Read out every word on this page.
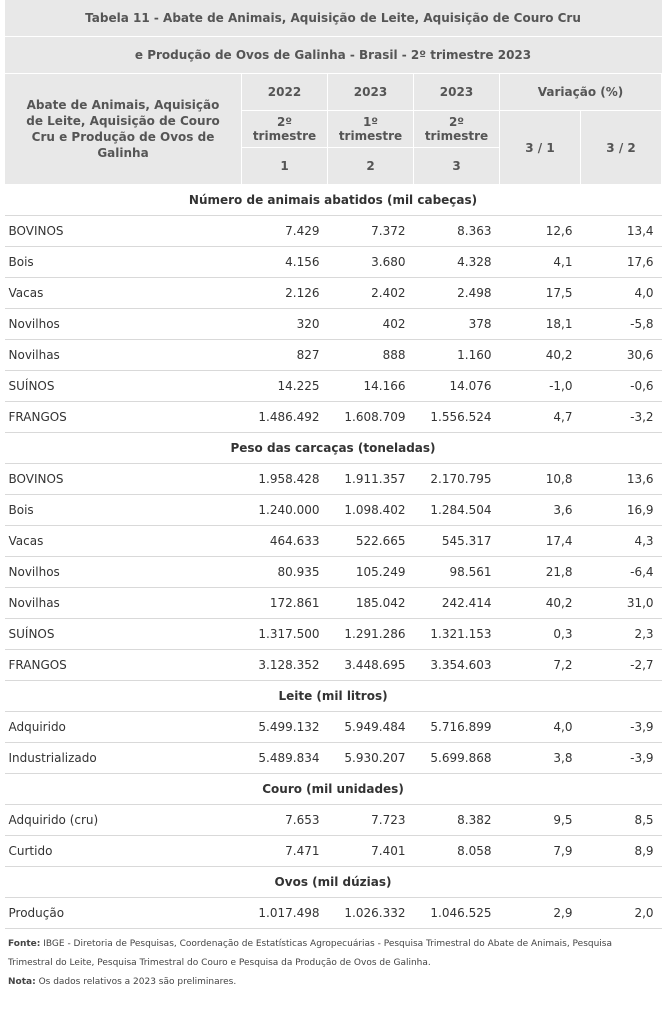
Tabela 11 - Abate de Animais, Aquisição de Leite, Aquisição de Couro Cru					
e Produção de Ovos de Galinha - Brasil - 2º trimestre 2023					
Abate de Animais, Aquisição de Leite, Aquisição de Couro Cru e Produção de Ovos de Galinha	2022	2023	2023	Variação (%)	
	2º trimestre	1º trimestre	2º trimestre	3 / 1	3 / 2
	1	2	3		
Número de animais abatidos (mil cabeças)					
BOVINOS	7.429	7.372	8.363	12,6	13,4
Bois	4.156	3.680	4.328	4,1	17,6
Vacas	2.126	2.402	2.498	17,5	4,0
Novilhos	320	402	378	18,1	-5,8
Novilhas	827	888	1.160	40,2	30,6
SUÍNOS	14.225	14.166	14.076	-1,0	-0,6
FRANGOS	1.486.492	1.608.709	1.556.524	4,7	-3,2
Peso das carcaças (toneladas)					
BOVINOS	1.958.428	1.911.357	2.170.795	10,8	13,6
Bois	1.240.000	1.098.402	1.284.504	3,6	16,9
Vacas	464.633	522.665	545.317	17,4	4,3
Novilhos	80.935	105.249	98.561	21,8	-6,4
Novilhas	172.861	185.042	242.414	40,2	31,0
SUÍNOS	1.317.500	1.291.286	1.321.153	0,3	2,3
FRANGOS	3.128.352	3.448.695	3.354.603	7,2	-2,7
Leite (mil litros)					
Adquirido	5.499.132	5.949.484	5.716.899	4,0	-3,9
Industrializado	5.489.834	5.930.207	5.699.868	3,8	-3,9
Couro (mil unidades)					
Adquirido (cru)	7.653	7.723	8.382	9,5	8,5
Curtido	7.471	7.401	8.058	7,9	8,9
Ovos (mil dúzias)					
Produção	1.017.498	1.026.332	1.046.525	2,9	2,0
Fonte: IBGE - Diretoria de Pesquisas, Coordenação de Estatísticas Agropecuárias - Pesquisa Trimestral do Abate de Animais, Pesquisa Trimestral do Leite, Pesquisa Trimestral do Couro e Pesquisa da Produção de Ovos de Galinha.
Nota: Os dados relativos a 2023 são preliminares.
